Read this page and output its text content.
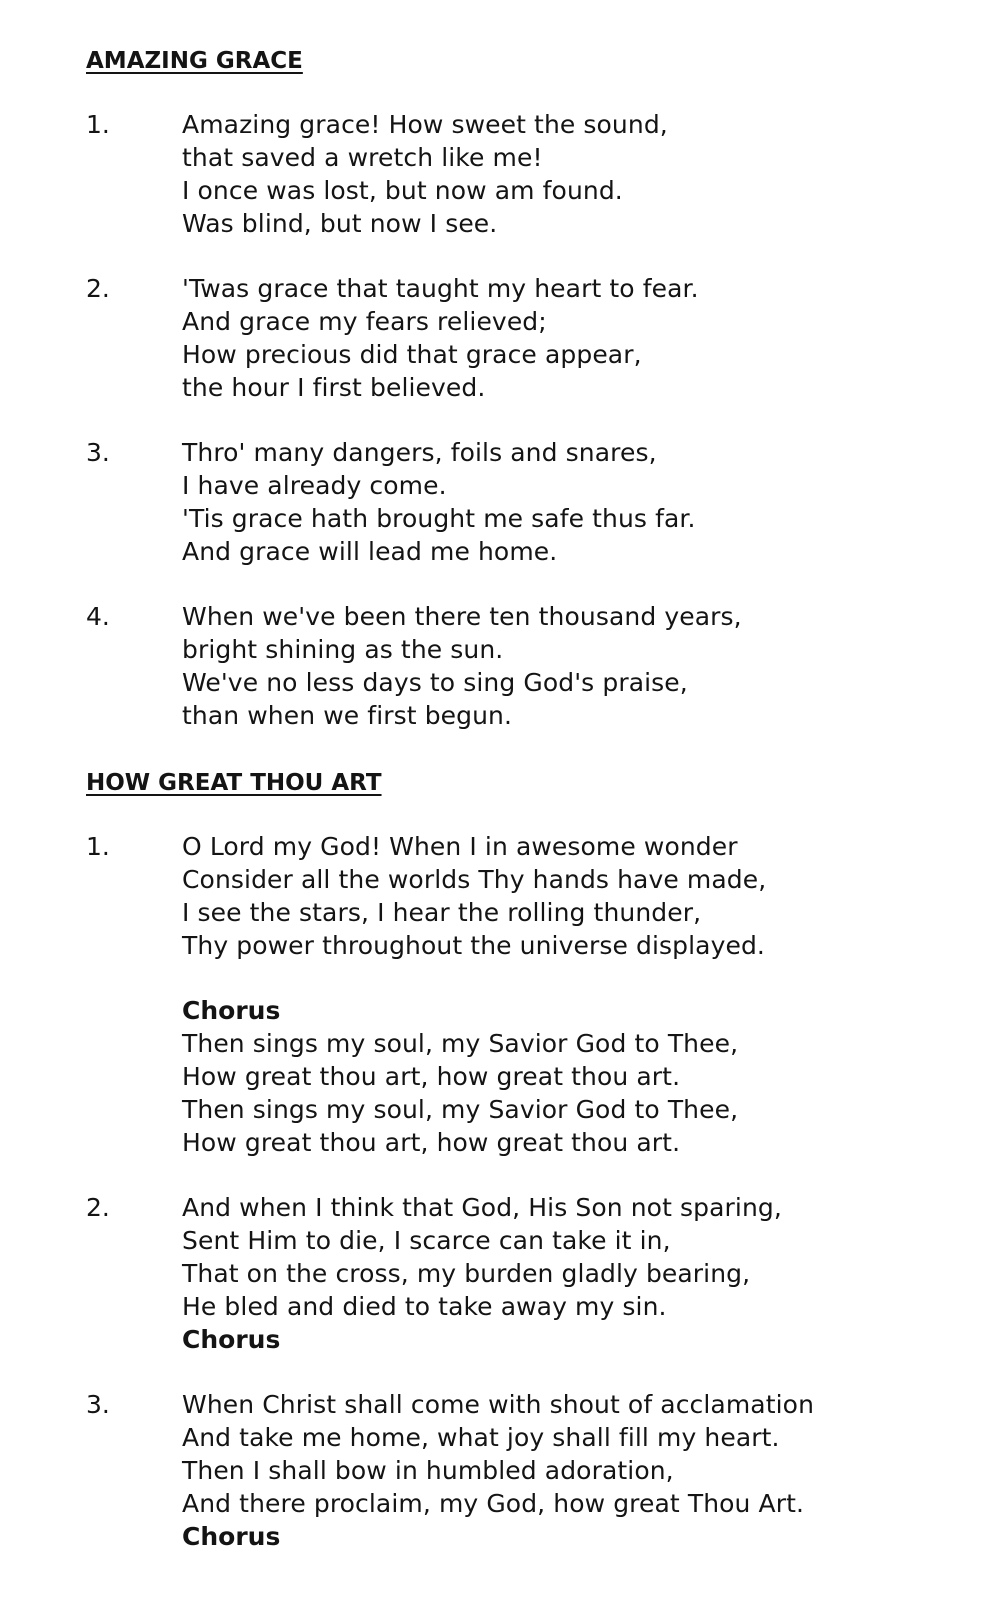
AMAZING GRACE
1.	Amazing grace! How sweet the sound,
that saved a wretch like me!
I once was lost, but now am found.
Was blind, but now I see.
2.	'Twas grace that taught my heart to fear.
And grace my fears relieved;
How precious did that grace appear,
the hour I first believed.
3.	Thro' many dangers, foils and snares,
I have already come.
'Tis grace hath brought me safe thus far.
And grace will lead me home.
4.	When we've been there ten thousand years,
bright shining as the sun.
We've no less days to sing God's praise,
than when we first begun.
HOW GREAT THOU ART
1.	O Lord my God! When I in awesome wonder
Consider all the worlds Thy hands have made,
I see the stars, I hear the rolling thunder,
Thy power throughout the universe displayed.
Chorus
Then sings my soul, my Savior God to Thee,
How great thou art, how great thou art.
Then sings my soul, my Savior God to Thee,
How great thou art, how great thou art.
2.	And when I think that God, His Son not sparing,
Sent Him to die, I scarce can take it in,
That on the cross, my burden gladly bearing,
He bled and died to take away my sin.
Chorus
3.	When Christ shall come with shout of acclamation
And take me home, what joy shall fill my heart.
Then I shall bow in humbled adoration,
And there proclaim, my God, how great Thou Art.
Chorus
